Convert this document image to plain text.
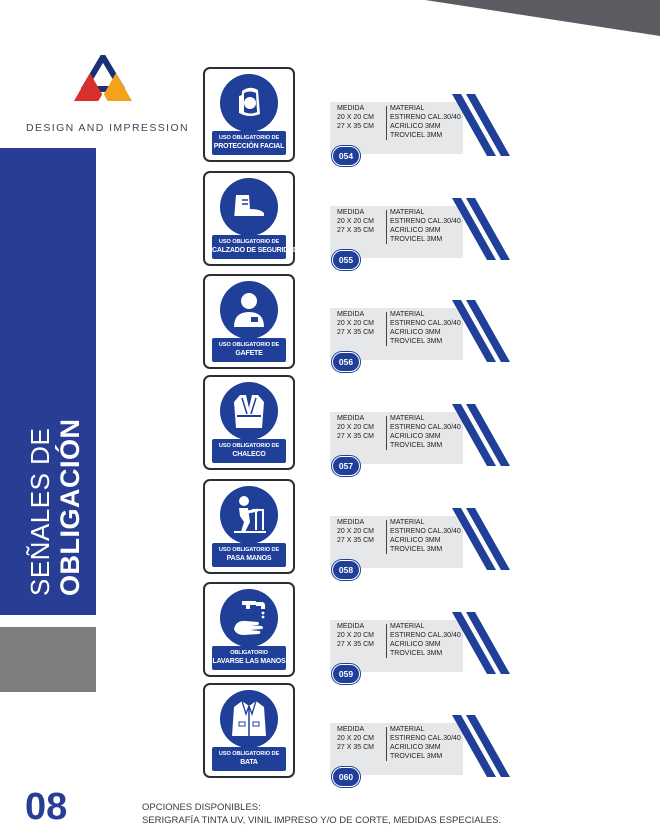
DESIGN AND IMPRESSION
SEÑALES DE OBLIGACIÓN
USO OBLIGATORIO DE
PROTECCIÓN FACIAL
USO OBLIGATORIO DE
CALZADO DE SEGURIDAD
USO OBLIGATORIO DE
GAFETE
USO OBLIGATORIO DE
CHALECO
USO OBLIGATORIO DE
PASA MANOS
OBLIGATORIO
LAVARSE LAS MANOS
USO OBLIGATORIO DE
BATA
MEDIDA
20 X 20 CM
27 X 35 CM
MATERIAL
ESTIRENO CAL.30/40
ACRILICO 3MM
TROVICEL 3MM
054
MEDIDA
20 X 20 CM
27 X 35 CM
MATERIAL
ESTIRENO CAL.30/40
ACRILICO 3MM
TROVICEL 3MM
055
MEDIDA
20 X 20 CM
27 X 35 CM
MATERIAL
ESTIRENO CAL.30/40
ACRILICO 3MM
TROVICEL 3MM
056
MEDIDA
20 X 20 CM
27 X 35 CM
MATERIAL
ESTIRENO CAL.30/40
ACRILICO 3MM
TROVICEL 3MM
057
MEDIDA
20 X 20 CM
27 X 35 CM
MATERIAL
ESTIRENO CAL.30/40
ACRILICO 3MM
TROVICEL 3MM
058
MEDIDA
20 X 20 CM
27 X 35 CM
MATERIAL
ESTIRENO CAL.30/40
ACRILICO 3MM
TROVICEL 3MM
059
MEDIDA
20 X 20 CM
27 X 35 CM
MATERIAL
ESTIRENO CAL.30/40
ACRILICO 3MM
TROVICEL 3MM
060
08	OPCIONES DISPONIBLES:
SERIGRAFÍA TINTA UV, VINIL IMPRESO Y/O DE CORTE, MEDIDAS ESPECIALES.
